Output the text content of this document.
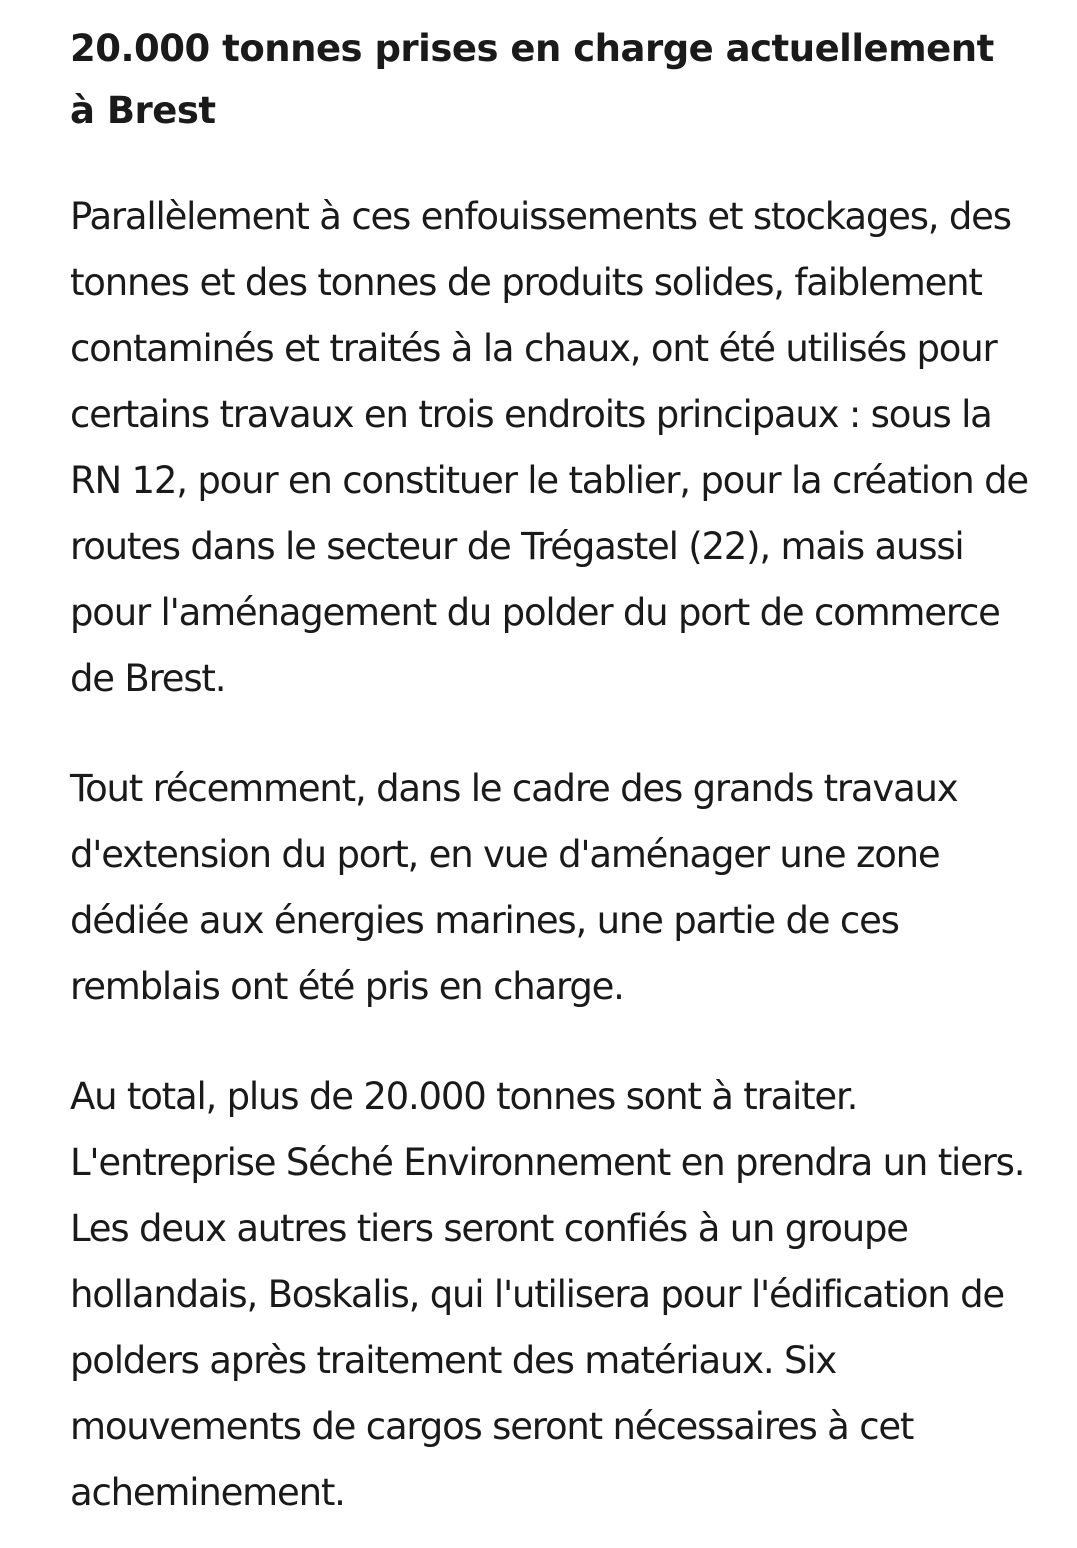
20.000 tonnes prises en charge actuellement à Brest

Parallèlement à ces enfouissements et stockages, des tonnes et des tonnes de produits solides, faiblement contaminés et traités à la chaux, ont été utilisés pour certains travaux en trois endroits principaux : sous la RN 12, pour en constituer le tablier, pour la création de routes dans le secteur de Trégastel (22), mais aussi pour l'aménagement du polder du port de commerce de Brest.

Tout récemment, dans le cadre des grands travaux d'extension du port, en vue d'aménager une zone dédiée aux énergies marines, une partie de ces remblais ont été pris en charge.

Au total, plus de 20.000 tonnes sont à traiter. L'entreprise Séché Environnement en prendra un tiers. Les deux autres tiers seront confiés à un groupe hollandais, Boskalis, qui l'utilisera pour l'édification de polders après traitement des matériaux. Six mouvements de cargos seront nécessaires à cet acheminement.
